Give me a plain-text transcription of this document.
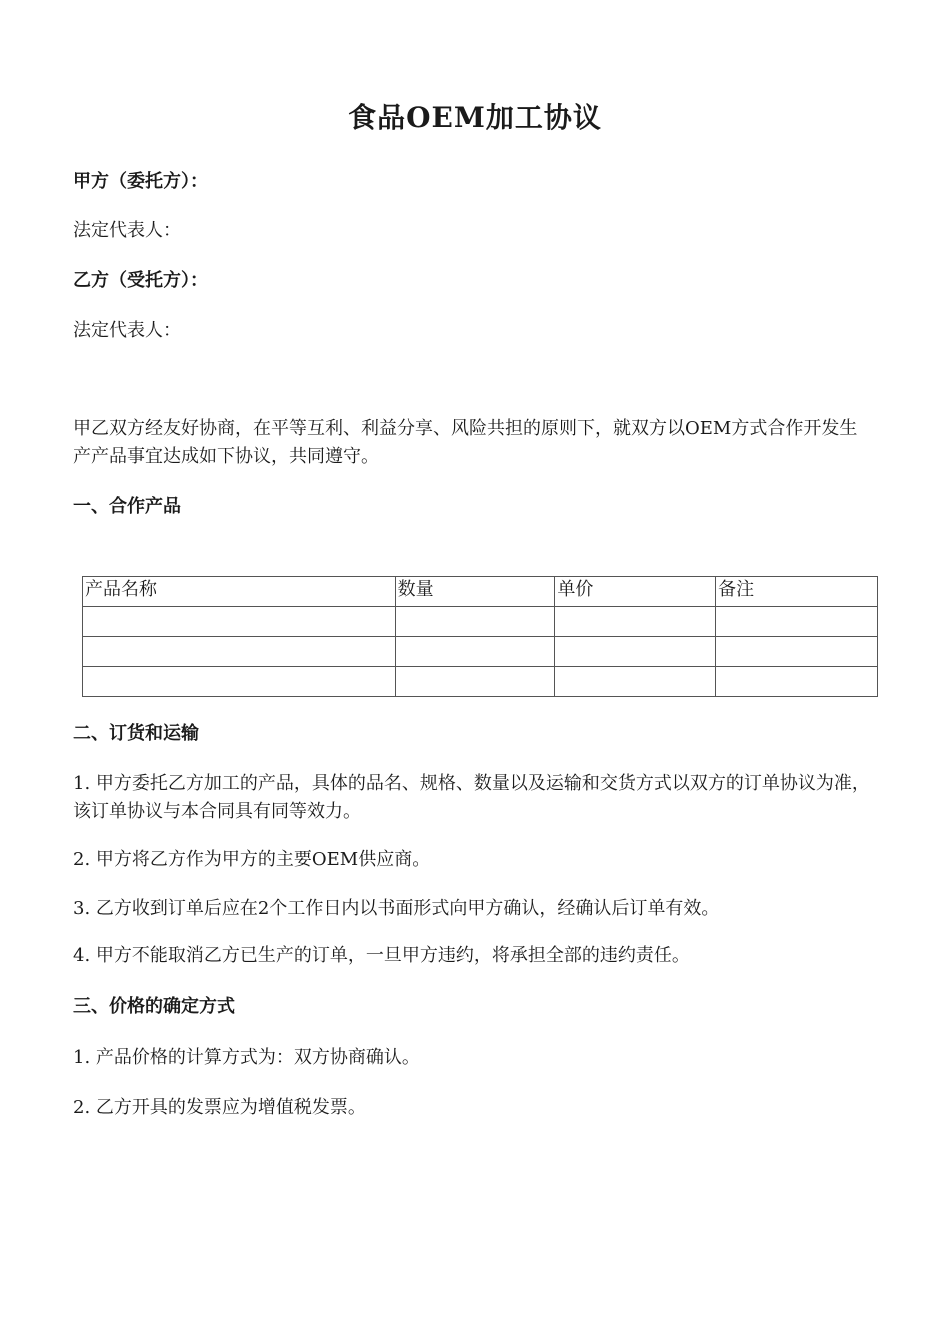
食品OEM加工协议
甲方（委托方）：
法定代表人：
乙方（受托方）：
法定代表人：
甲乙双方经友好协商，在平等互利、利益分享、风险共担的原则下，就双方以OEM方式合作开发生产产品事宜达成如下协议，共同遵守。
一、合作产品
产品名称	数量	单价	备注

二、订货和运输
1. 甲方委托乙方加工的产品，具体的品名、规格、数量以及运输和交货方式以双方的订单协议为准，该订单协议与本合同具有同等效力。
2. 甲方将乙方作为甲方的主要OEM供应商。
3. 乙方收到订单后应在2个工作日内以书面形式向甲方确认，经确认后订单有效。
4. 甲方不能取消乙方已生产的订单，一旦甲方违约，将承担全部的违约责任。
三、价格的确定方式
1. 产品价格的计算方式为：双方协商确认。
2. 乙方开具的发票应为增值税发票。
